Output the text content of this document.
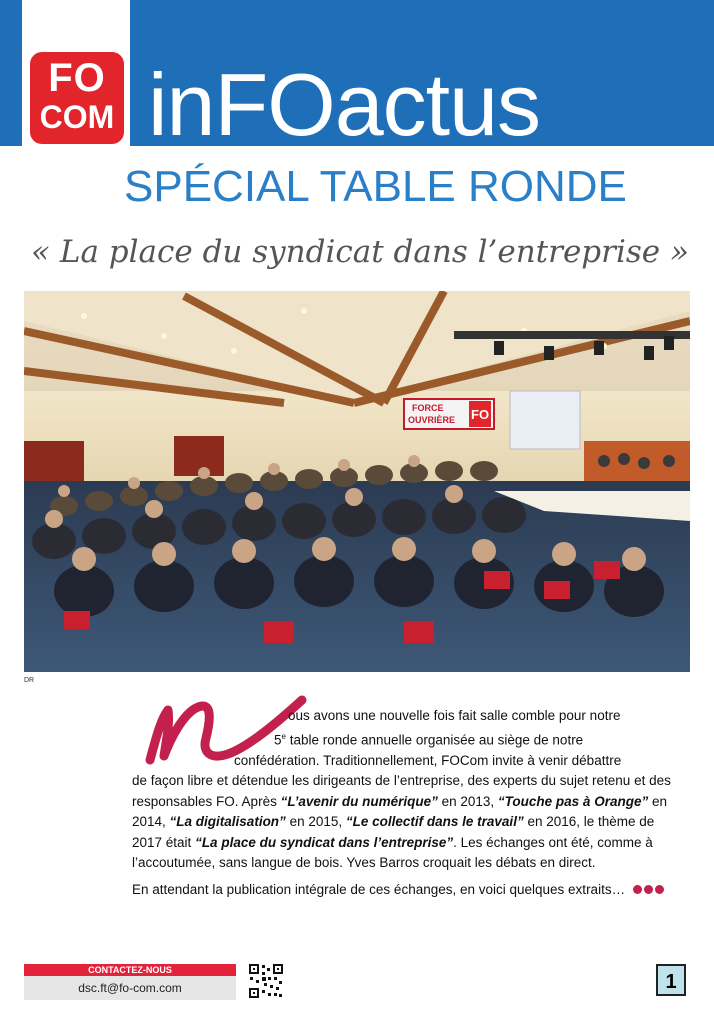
FO
COM inFOactus
SPÉCIAL TABLE RONDE
« La place du syndicat dans l’entreprise »
FORCE
OUVRIÈRE FO
DR

ous avons une nouvelle fois fait salle comble pour notre
5e table ronde annuelle organisée au siège de notre
confédération. Traditionnellement, FOCom invite à venir débattre
de façon libre et détendue les dirigeants de l’entreprise, des experts du sujet retenu et des responsables FO. Après “L’avenir du numérique” en 2013, “Touche pas à Orange” en 2014, “La digitalisation” en 2015, “Le collectif dans le travail” en 2016, le thème de 2017 était “La place du syndicat dans l’entreprise”. Les échanges ont été, comme à l’accoutumée, sans langue de bois. Yves Barros croquait les débats en direct.

En attendant la publication intégrale de ces échanges, en voici quelques extraits…

CONTACTEZ-NOUS
dsc.ft@fo-com.com	1
